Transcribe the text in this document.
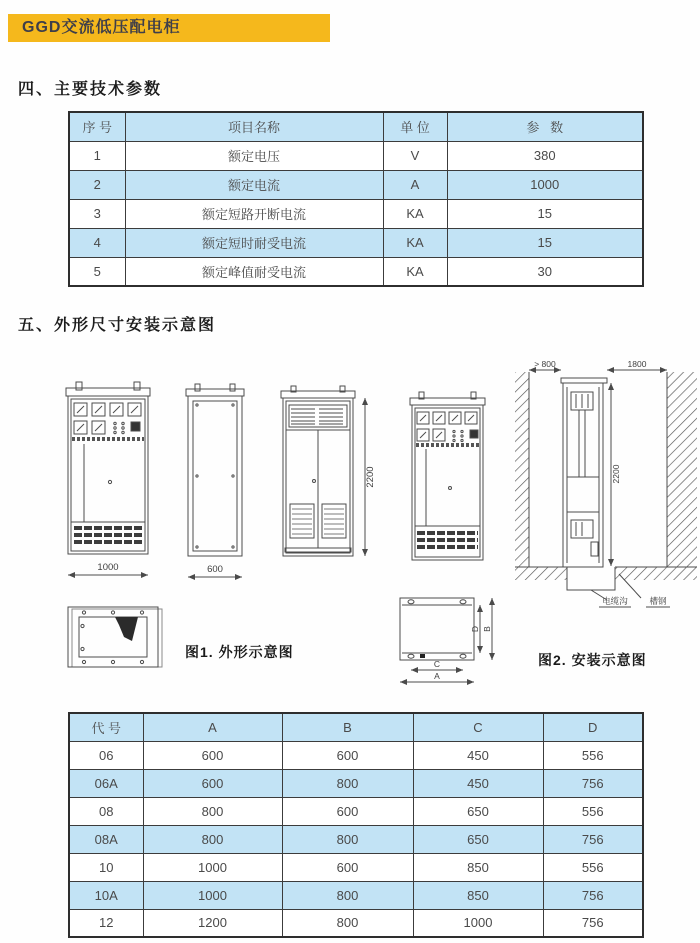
GGD交流低压配电柜
四、主要技术参数
序 号	项目名称	单 位	参   数
1	额定电压	V	380
2	额定电流	A	1000
3	额定短路开断电流	KA	15
4	额定短时耐受电流	KA	15
5	额定峰值耐受电流	KA	30
五、外形尺寸安装示意图
1000	600
2200
> 800	1800
2200
电缆沟	槽钢
D B
C
A
图1. 外形示意图	图2. 安装示意图
代 号	A	B	C	D
06	600	600	450	556
06A	600	800	450	756
08	800	600	650	556
08A	800	800	650	756
10	1000	600	850	556
10A	1000	800	850	756
12	1200	800	1000	756
